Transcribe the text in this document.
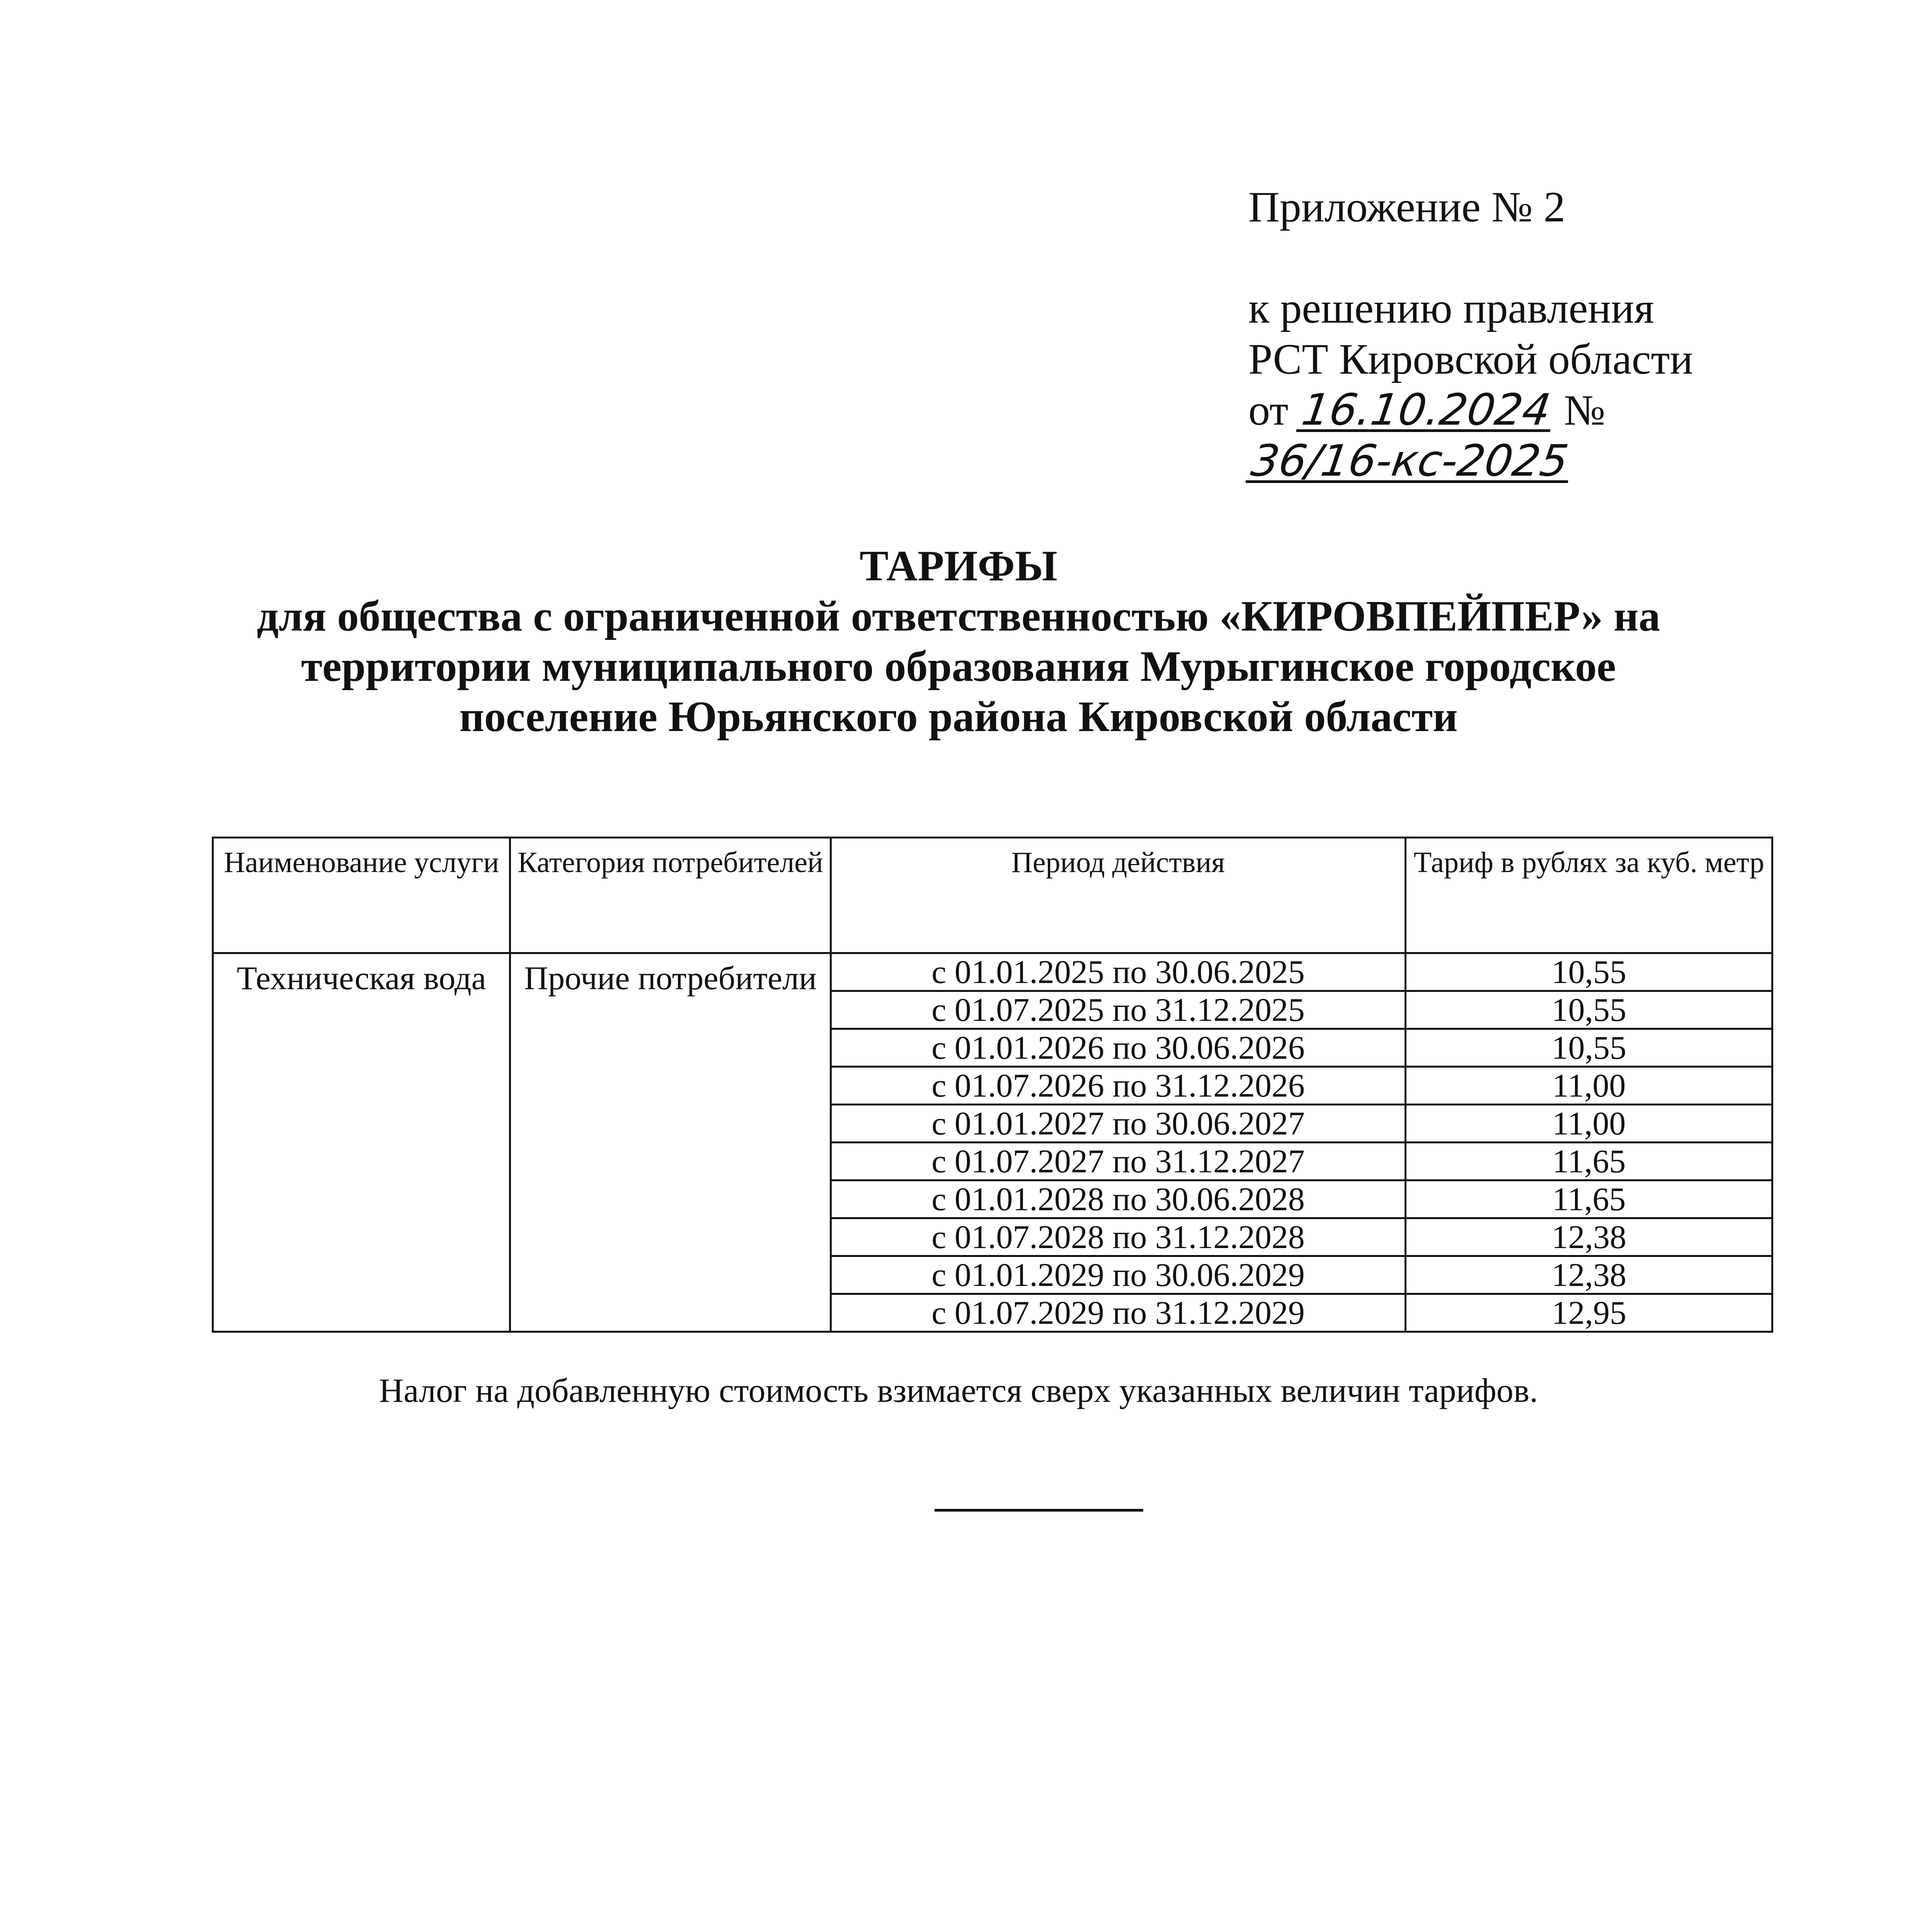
Приложение № 2
к решению правления
РСТ Кировской области
от 16.10.2024 № 36/16-кс-2025
ТАРИФЫ
для общества с ограниченной ответственностью «КИРОВПЕЙПЕР» на
территории муниципального образования Мурыгинское городское
поселение Юрьянского района Кировской области
Наименование услуги	Категория потребителей	Период действия	Тариф в рублях за куб. метр
Техническая вода	Прочие потребители	с 01.01.2025 по 30.06.2025	10,55
		с 01.07.2025 по 31.12.2025	10,55
		с 01.01.2026 по 30.06.2026	10,55
		с 01.07.2026 по 31.12.2026	11,00
		с 01.01.2027 по 30.06.2027	11,00
		с 01.07.2027 по 31.12.2027	11,65
		с 01.01.2028 по 30.06.2028	11,65
		с 01.07.2028 по 31.12.2028	12,38
		с 01.01.2029 по 30.06.2029	12,38
		с 01.07.2029 по 31.12.2029	12,95
Налог на добавленную стоимость взимается сверх указанных величин тарифов.
